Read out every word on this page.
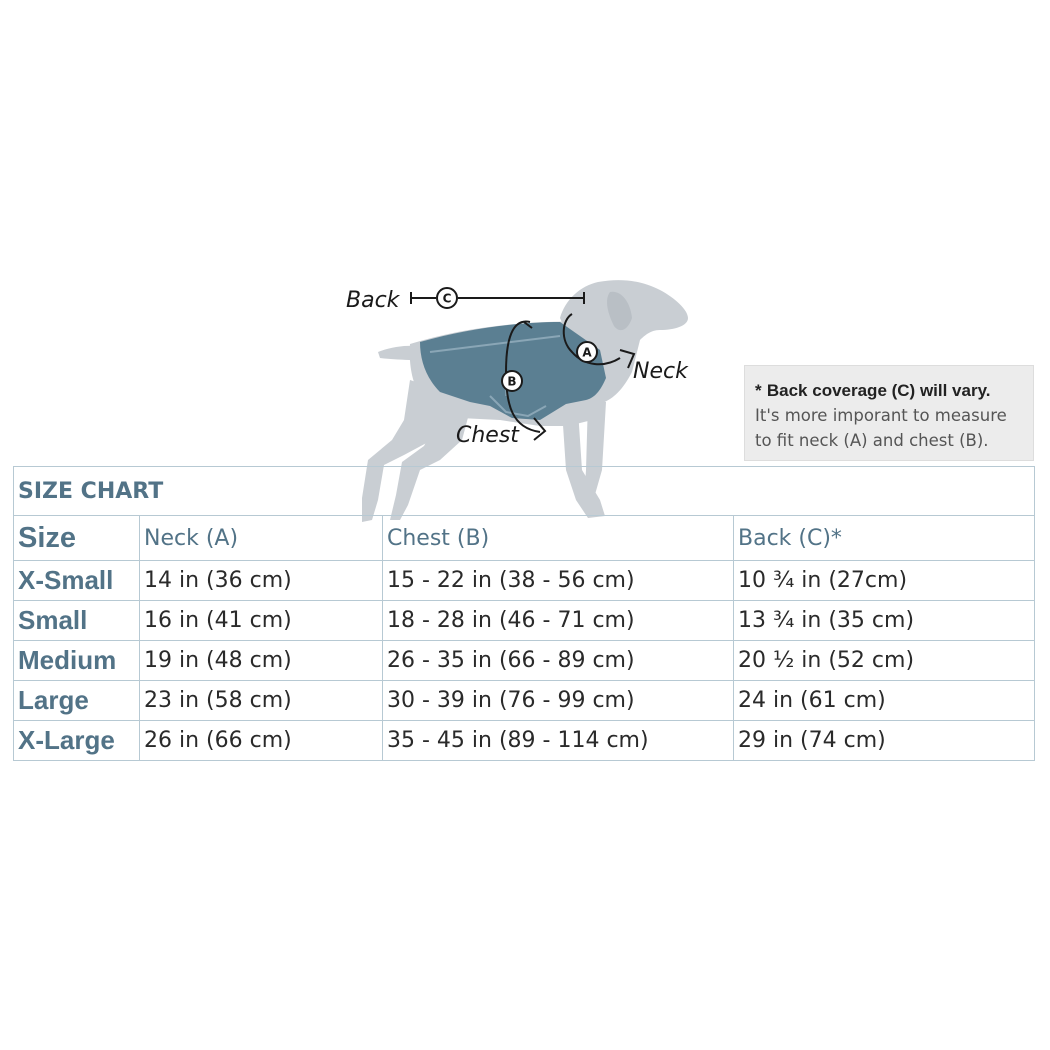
C
Back
B
Chest
A
Neck
* Back coverage (C) will vary.
It's more imporant to measure
to fit neck (A) and chest (B).
SIZE CHART			
Size	Neck (A)	Chest (B)	Back (C)*
X-Small	14 in (36 cm)	15 - 22 in (38 - 56 cm)	10 ¾ in (27cm)
Small	16 in (41 cm)	18 - 28 in (46 - 71 cm)	13 ¾ in (35 cm)
Medium	19 in (48 cm)	26 - 35 in (66 - 89 cm)	20 ½ in (52 cm)
Large	23 in (58 cm)	30 - 39 in (76 - 99 cm)	24 in (61 cm)
X-Large	26 in (66 cm)	35 - 45 in (89 - 114 cm)	29 in (74 cm)
